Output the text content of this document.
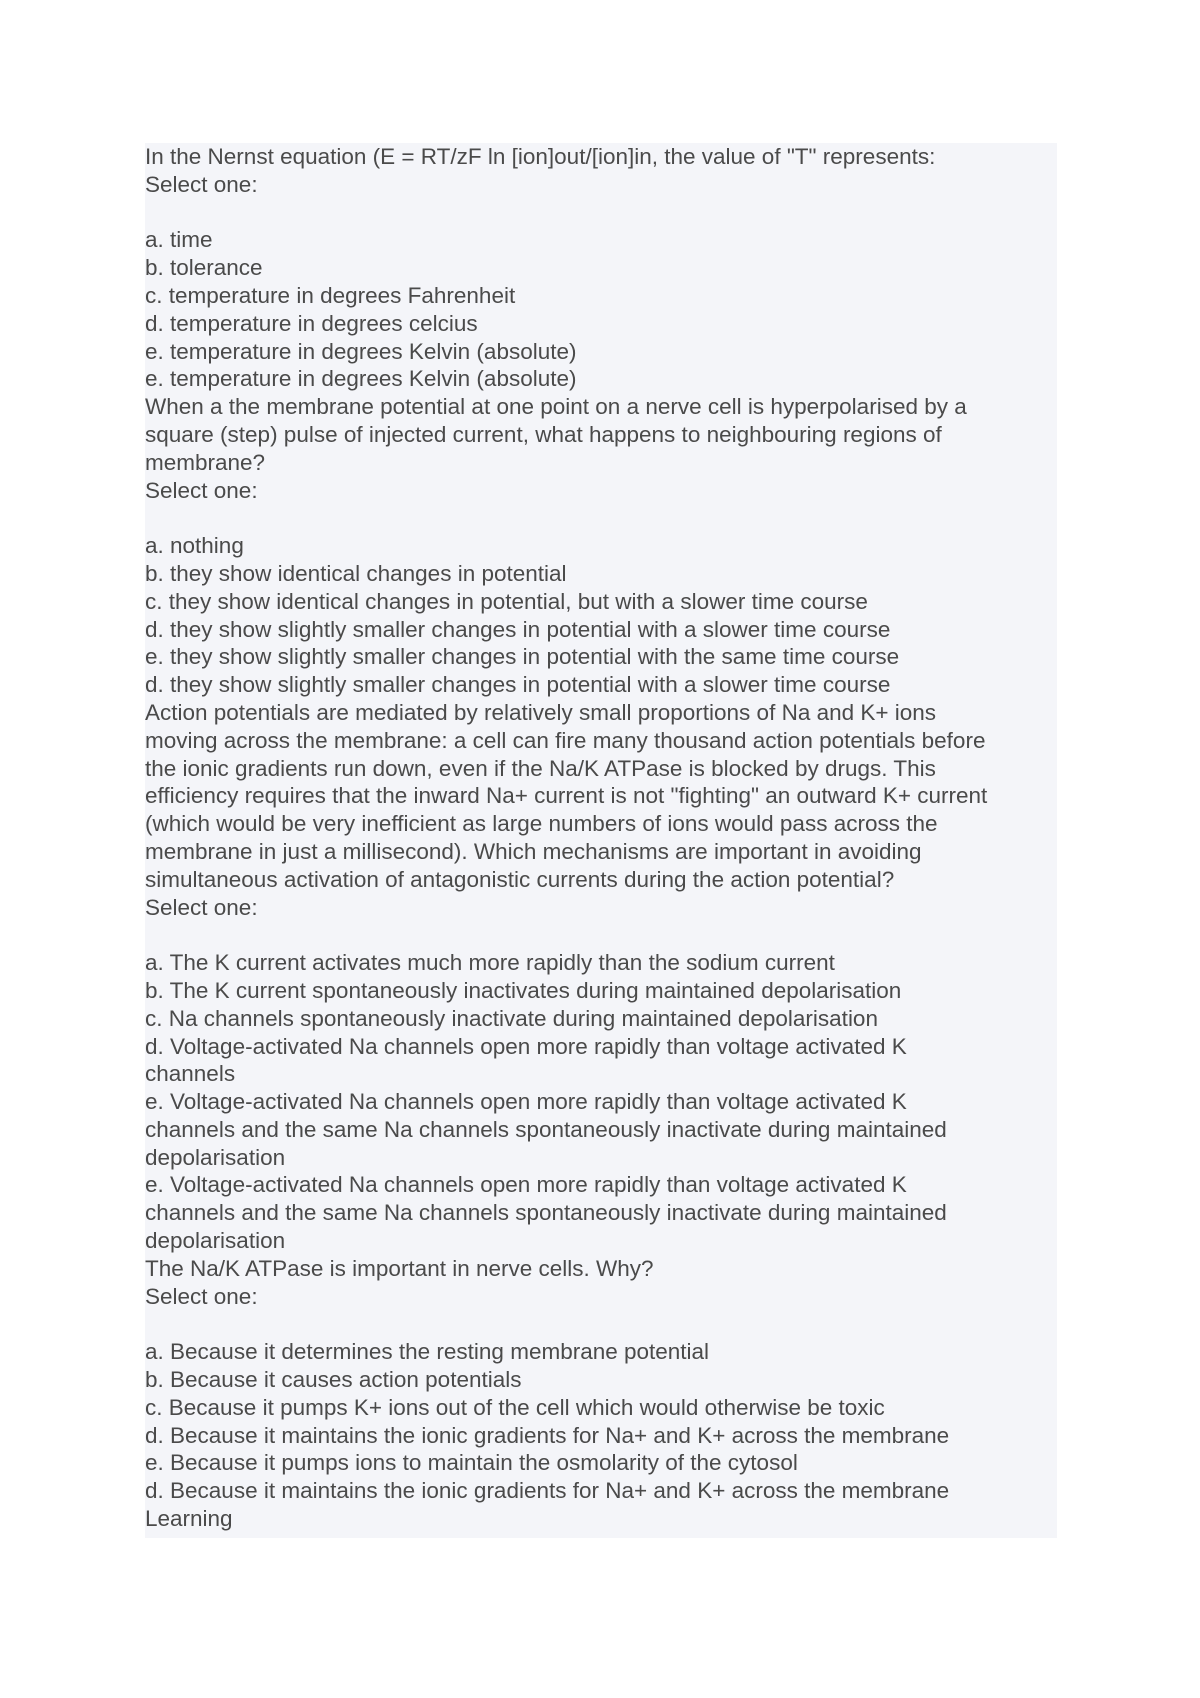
In the Nernst equation (E = RT/zF ln [ion]out/[ion]in, the value of "T" represents:
Select one:
a. time
b. tolerance
c. temperature in degrees Fahrenheit
d. temperature in degrees celcius
e. temperature in degrees Kelvin (absolute)
e. temperature in degrees Kelvin (absolute)
When a the membrane potential at one point on a nerve cell is hyperpolarised by a
square (step) pulse of injected current, what happens to neighbouring regions of
membrane?
Select one:
a. nothing
b. they show identical changes in potential
c. they show identical changes in potential, but with a slower time course
d. they show slightly smaller changes in potential with a slower time course
e. they show slightly smaller changes in potential with the same time course
d. they show slightly smaller changes in potential with a slower time course
Action potentials are mediated by relatively small proportions of Na and K+ ions
moving across the membrane: a cell can fire many thousand action potentials before
the ionic gradients run down, even if the Na/K ATPase is blocked by drugs. This
efficiency requires that the inward Na+ current is not "fighting" an outward K+ current
(which would be very inefficient as large numbers of ions would pass across the
membrane in just a millisecond). Which mechanisms are important in avoiding
simultaneous activation of antagonistic currents during the action potential?
Select one:
a. The K current activates much more rapidly than the sodium current
b. The K current spontaneously inactivates during maintained depolarisation
c. Na channels spontaneously inactivate during maintained depolarisation
d. Voltage-activated Na channels open more rapidly than voltage activated K
channels
e. Voltage-activated Na channels open more rapidly than voltage activated K
channels and the same Na channels spontaneously inactivate during maintained
depolarisation
e. Voltage-activated Na channels open more rapidly than voltage activated K
channels and the same Na channels spontaneously inactivate during maintained
depolarisation
The Na/K ATPase is important in nerve cells. Why?
Select one:
a. Because it determines the resting membrane potential
b. Because it causes action potentials
c. Because it pumps K+ ions out of the cell which would otherwise be toxic
d. Because it maintains the ionic gradients for Na+ and K+ across the membrane
e. Because it pumps ions to maintain the osmolarity of the cytosol
d. Because it maintains the ionic gradients for Na+ and K+ across the membrane
Learning
